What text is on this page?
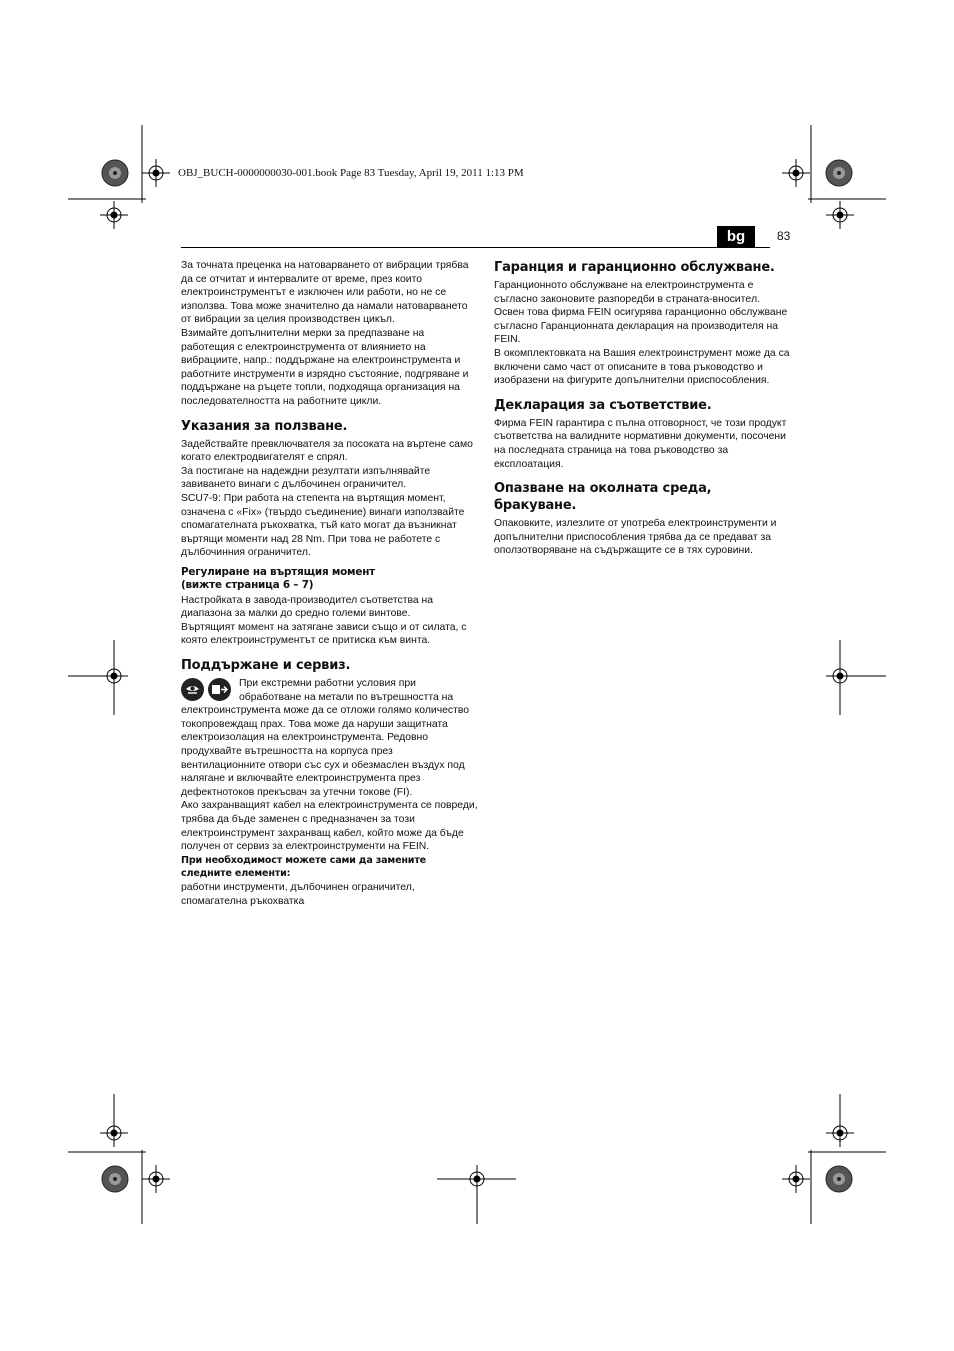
OBJ_BUCH-0000000030-001.book Page 83 Tuesday, April 19, 2011 1:13 PM
bg	83

За точната преценка на натоварването от вибрации трябва да се отчитат и интервалите от време, през които електроинструментът е изключен или работи, но не се използва. Това може значително да намали натоварването от вибрации за целия производствен цикъл.

Взимайте допълнителни мерки за предпазване на работещия с електроинструмента от влиянието на вибрациите, напр.: поддържане на електроинструмента и работните инструменти в изрядно състояние, подгряване и поддържане на ръцете топли, подходяща организация на последователността на работните цикли.

Указания за ползване.

Задействайте превключвателя за посоката на въртене само когато електродвигателят е спрял.

За постигане на надеждни резултати изпълнявайте завиването винаги с дълбочинен ограничител.

SCU7-9: При работа на степента на въртящия момент, означена с «Fix» (твърдо съединение) винаги използвайте спомагателната ръкохватка, тъй като могат да възникнат въртящи моменти над 28 Nm. При това не работете с дълбочинния ограничител.

Регулиране на въртящия момент
(вижте страница 6 – 7)

Настройката в завода-производител съответства на диапазона за малки до средно големи винтове.

Въртящият момент на затягане зависи също и от силата, с която електроинструментът се притиска към винта.

Поддържане и сервиз.

При екстремни работни условия при обработване на метали по вътрешността на електроинструмента може да се отложи голямо количество токопровеждащ прах. Това може да наруши защитната електроизолация на електроинструмента. Редовно продухвайте вътрешността на корпуса през вентилационните отвори със сух и обезмаслен въздух под налягане и включвайте електроинструмента през дефектнотоков прекъсвач за утечни токове (FI).

Ако захранващият кабел на електроинструмента се повреди, трябва да бъде заменен с предназначен за този електроинструмент захранващ кабел, който може да бъде получен от сервиз за електроинструменти на FEIN.

При необходимост можете сами да замените следните елементи:

работни инструменти, дълбочинен ограничител, спомагателна ръкохватка

Гаранция и гаранционно обслужване.

Гаранционното обслужване на електроинструмента е съгласно законовите разпоредби в страната-вноситeл. Освен това фирма FEIN осигурява гаранционно обслужване съгласно Гаранционната декларация на производителя на FEIN.

В окомплектовката на Вашия електроинструмент може да са включени само част от описаните в това ръководство и изобразени на фигурите допълнителни приспособления.

Декларация за съответствие.

Фирма FEIN гарантира с пълна отговорност, че този продукт съответства на валидните нормативни документи, посочени на последната страница на това ръководство за експлоатация.

Опазване на околната среда,
бракуване.

Опаковките, излезлите от употреба електроинструменти и допълнителни приспособления трябва да се предават за оползотворяване на съдържащите се в тях суровини.
